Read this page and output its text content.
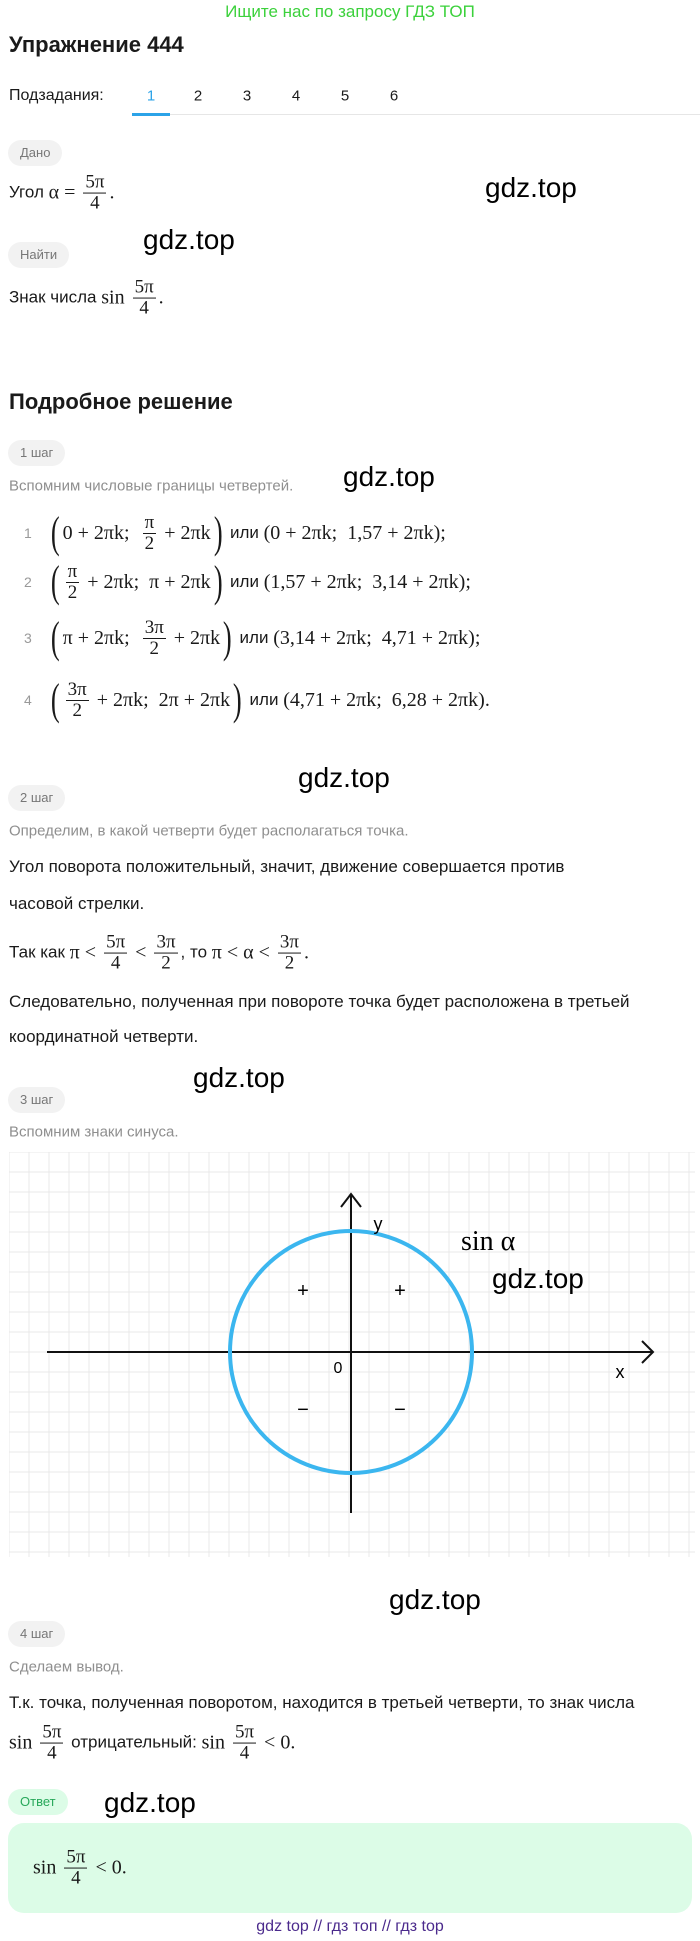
Ищите нас по запросу ГДЗ ТОП
Упражнение 444
Подзадания:	1	2	3	4	5	6
Дано
Угол $\alpha = \frac{5\pi}{4}$ .	gdz.top
gdz.top
Найти
Знак числа $\sin \frac{5\pi}{4}$ .
Подробное решение
1 шаг
Вспомним числовые границы четвертей. gdz.top
1 ( 0 + 2πk; $\frac{\pi}{2} + 2\pi k$ ) или (0 + 2πk;  1,57 + 2πk);
2 ( $\frac{\pi}{2} + 2\pi k$;  π + 2πk ) или (1,57 + 2πk;  3,14 + 2πk);
3 ( π + 2πk; $\frac{3\pi}{2} + 2\pi k$ ) или (3,14 + 2πk;  4,71 + 2πk);
4 ( $\frac{3\pi}{2} + 2\pi k$;  2π + 2πk ) или (4,71 + 2πk;  6,28 + 2πk).
gdz.top
2 шаг
Определим, в какой четверти будет располагаться точка.
Угол поворота положительный, значит, движение совершается против
часовой стрелки.
Так как $\pi < \frac{5\pi}{4} < \frac{3\pi}{2}$ , то $\pi < \alpha < \frac{3\pi}{2}$ .
Следовательно, полученная при повороте точка будет расположена в третьей
координатной четверти.
gdz.top
3 шаг
Вспомним знаки синуса.
+	+
−	−
0	x
y
sin α
gdz.top
gdz.top
4 шаг
Сделаем вывод.
Т.к. точка, полученная поворотом, находится в третьей четверти, то знак числа
$\sin \frac{5\pi}{4}$ отрицательный: $\sin \frac{5\pi}{4} < 0$.
Ответ	gdz.top
$\sin \frac{5\pi}{4} < 0$.
gdz top // гдз топ // гдз top
